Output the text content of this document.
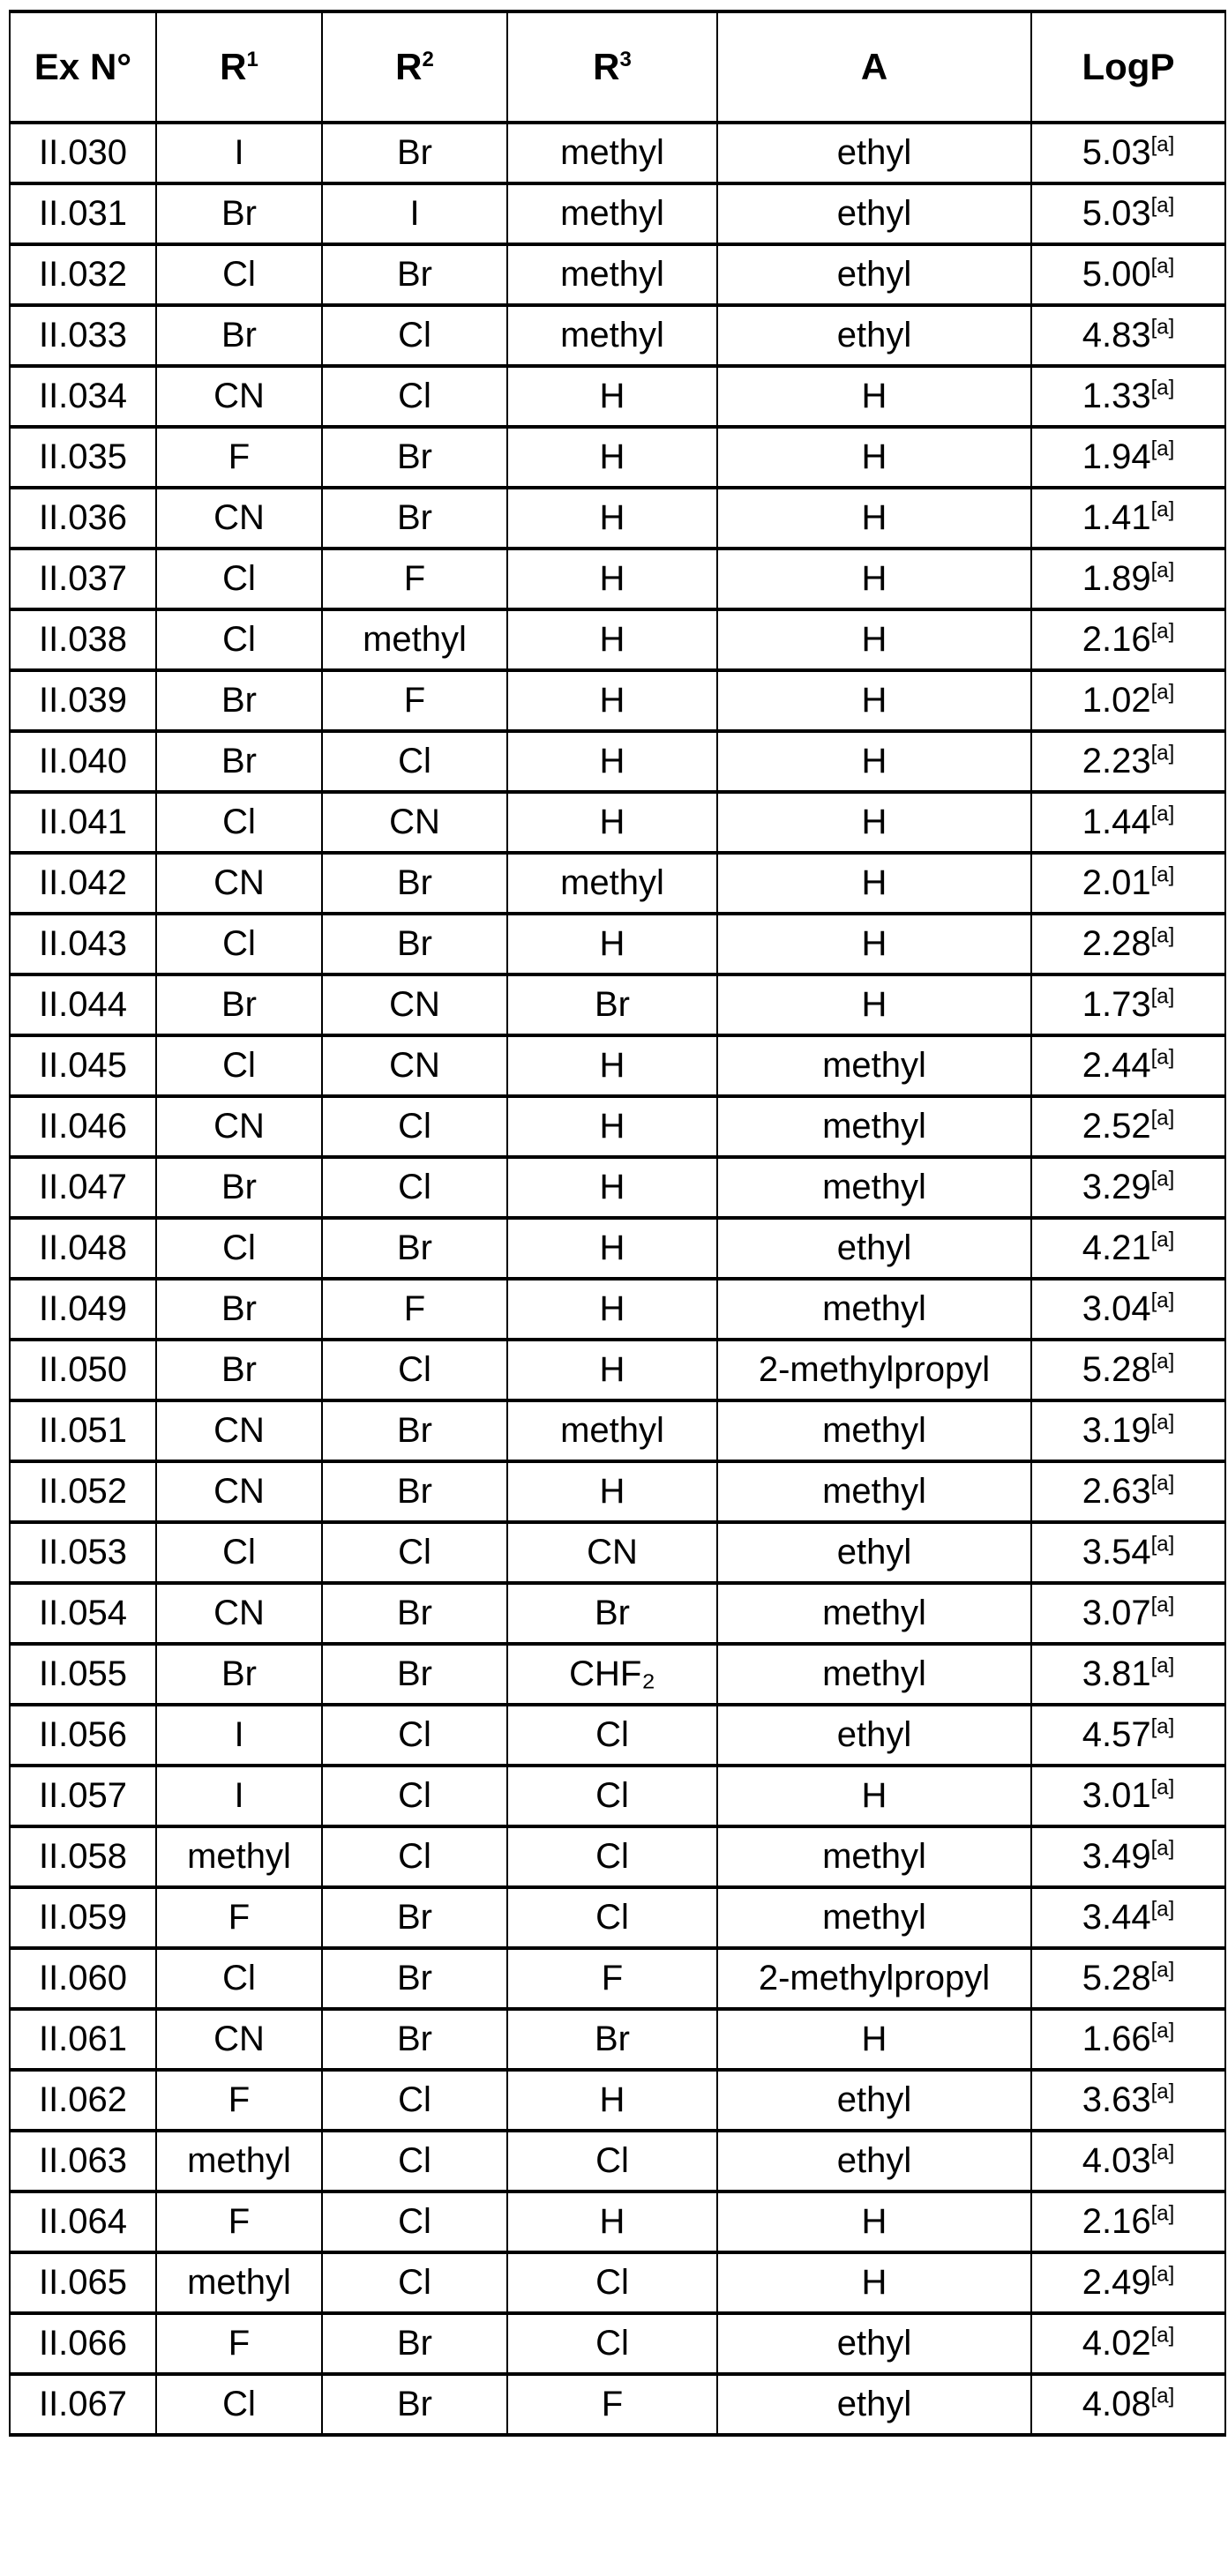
Ex N°	R1	R2	R3	A	LogP
II.030	I	Br	methyl	ethyl	5.03[a]
II.031	Br	I	methyl	ethyl	5.03[a]
II.032	Cl	Br	methyl	ethyl	5.00[a]
II.033	Br	Cl	methyl	ethyl	4.83[a]
II.034	CN	Cl	H	H	1.33[a]
II.035	F	Br	H	H	1.94[a]
II.036	CN	Br	H	H	1.41[a]
II.037	Cl	F	H	H	1.89[a]
II.038	Cl	methyl	H	H	2.16[a]
II.039	Br	F	H	H	1.02[a]
II.040	Br	Cl	H	H	2.23[a]
II.041	Cl	CN	H	H	1.44[a]
II.042	CN	Br	methyl	H	2.01[a]
II.043	Cl	Br	H	H	2.28[a]
II.044	Br	CN	Br	H	1.73[a]
II.045	Cl	CN	H	methyl	2.44[a]
II.046	CN	Cl	H	methyl	2.52[a]
II.047	Br	Cl	H	methyl	3.29[a]
II.048	Cl	Br	H	ethyl	4.21[a]
II.049	Br	F	H	methyl	3.04[a]
II.050	Br	Cl	H	2-methylpropyl	5.28[a]
II.051	CN	Br	methyl	methyl	3.19[a]
II.052	CN	Br	H	methyl	2.63[a]
II.053	Cl	Cl	CN	ethyl	3.54[a]
II.054	CN	Br	Br	methyl	3.07[a]
II.055	Br	Br	CHF₂	methyl	3.81[a]
II.056	I	Cl	Cl	ethyl	4.57[a]
II.057	I	Cl	Cl	H	3.01[a]
II.058	methyl	Cl	Cl	methyl	3.49[a]
II.059	F	Br	Cl	methyl	3.44[a]
II.060	Cl	Br	F	2-methylpropyl	5.28[a]
II.061	CN	Br	Br	H	1.66[a]
II.062	F	Cl	H	ethyl	3.63[a]
II.063	methyl	Cl	Cl	ethyl	4.03[a]
II.064	F	Cl	H	H	2.16[a]
II.065	methyl	Cl	Cl	H	2.49[a]
II.066	F	Br	Cl	ethyl	4.02[a]
II.067	Cl	Br	F	ethyl	4.08[a]
